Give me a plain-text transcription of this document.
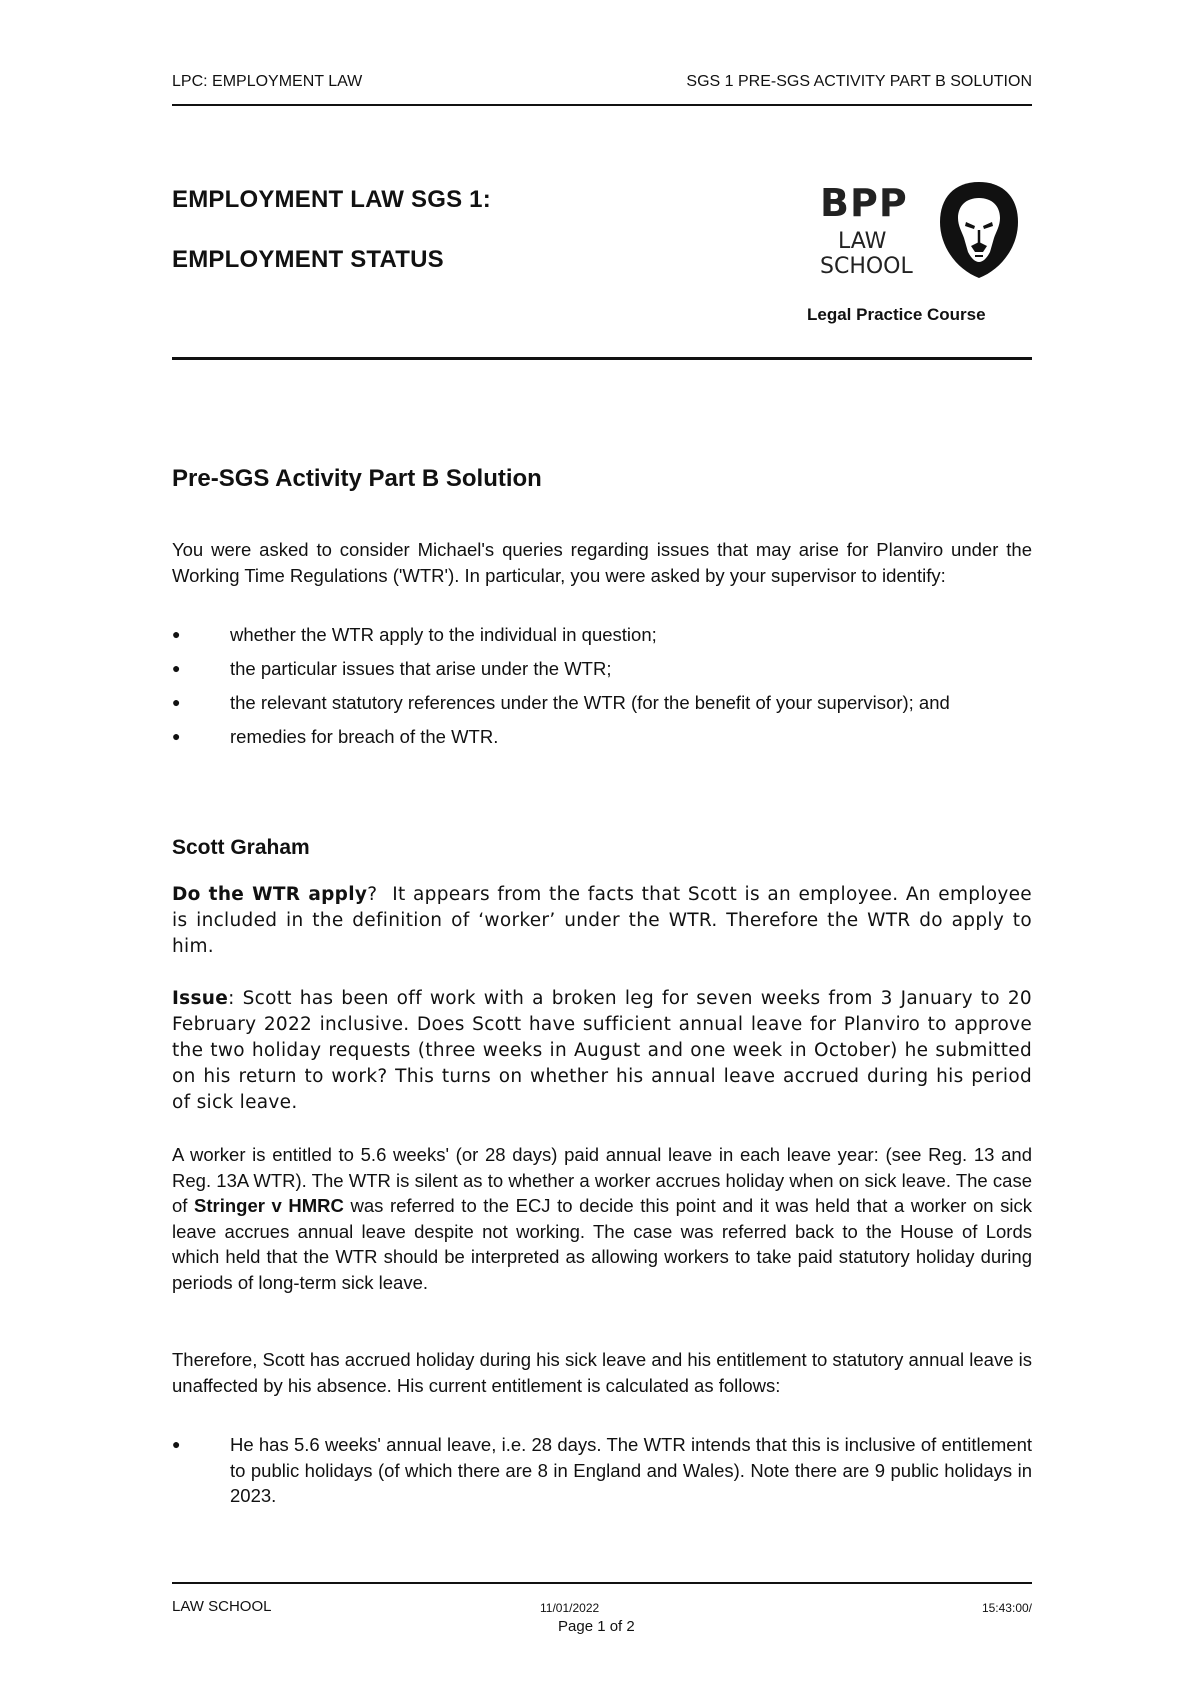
LPC: EMPLOYMENT LAW	SGS 1 PRE-SGS ACTIVITY PART B SOLUTION
EMPLOYMENT LAW SGS 1:
EMPLOYMENT STATUS
BPP
LAW
SCHOOL
Legal Practice Course
Pre-SGS Activity Part B Solution
You were asked to consider Michael's queries regarding issues that may arise for Planviro under the Working Time Regulations ('WTR'). In particular, you were asked by your supervisor to identify:
●	whether the WTR apply to the individual in question;
●	the particular issues that arise under the WTR;
●	the relevant statutory references under the WTR (for the benefit of your supervisor); and
●	remedies for breach of the WTR.
Scott Graham
Do the WTR apply? It appears from the facts that Scott is an employee. An employee is included in the definition of ‘worker’ under the WTR. Therefore the WTR do apply to him.
Issue: Scott has been off work with a broken leg for seven weeks from 3 January to 20 February 2022 inclusive. Does Scott have sufficient annual leave for Planviro to approve the two holiday requests (three weeks in August and one week in October) he submitted on his return to work? This turns on whether his annual leave accrued during his period of sick leave.
A worker is entitled to 5.6 weeks' (or 28 days) paid annual leave in each leave year: (see Reg. 13 and Reg. 13A WTR). The WTR is silent as to whether a worker accrues holiday when on sick leave. The case of Stringer v HMRC was referred to the ECJ to decide this point and it was held that a worker on sick leave accrues annual leave despite not working. The case was referred back to the House of Lords which held that the WTR should be interpreted as allowing workers to take paid statutory holiday during periods of long-term sick leave.
Therefore, Scott has accrued holiday during his sick leave and his entitlement to statutory annual leave is unaffected by his absence. His current entitlement is calculated as follows:
●	He has 5.6 weeks' annual leave, i.e. 28 days. The WTR intends that this is inclusive of entitlement to public holidays (of which there are 8 in England and Wales). Note there are 9 public holidays in 2023.
LAW SCHOOL	11/01/2022	15:43:00/
Page 1 of 2
